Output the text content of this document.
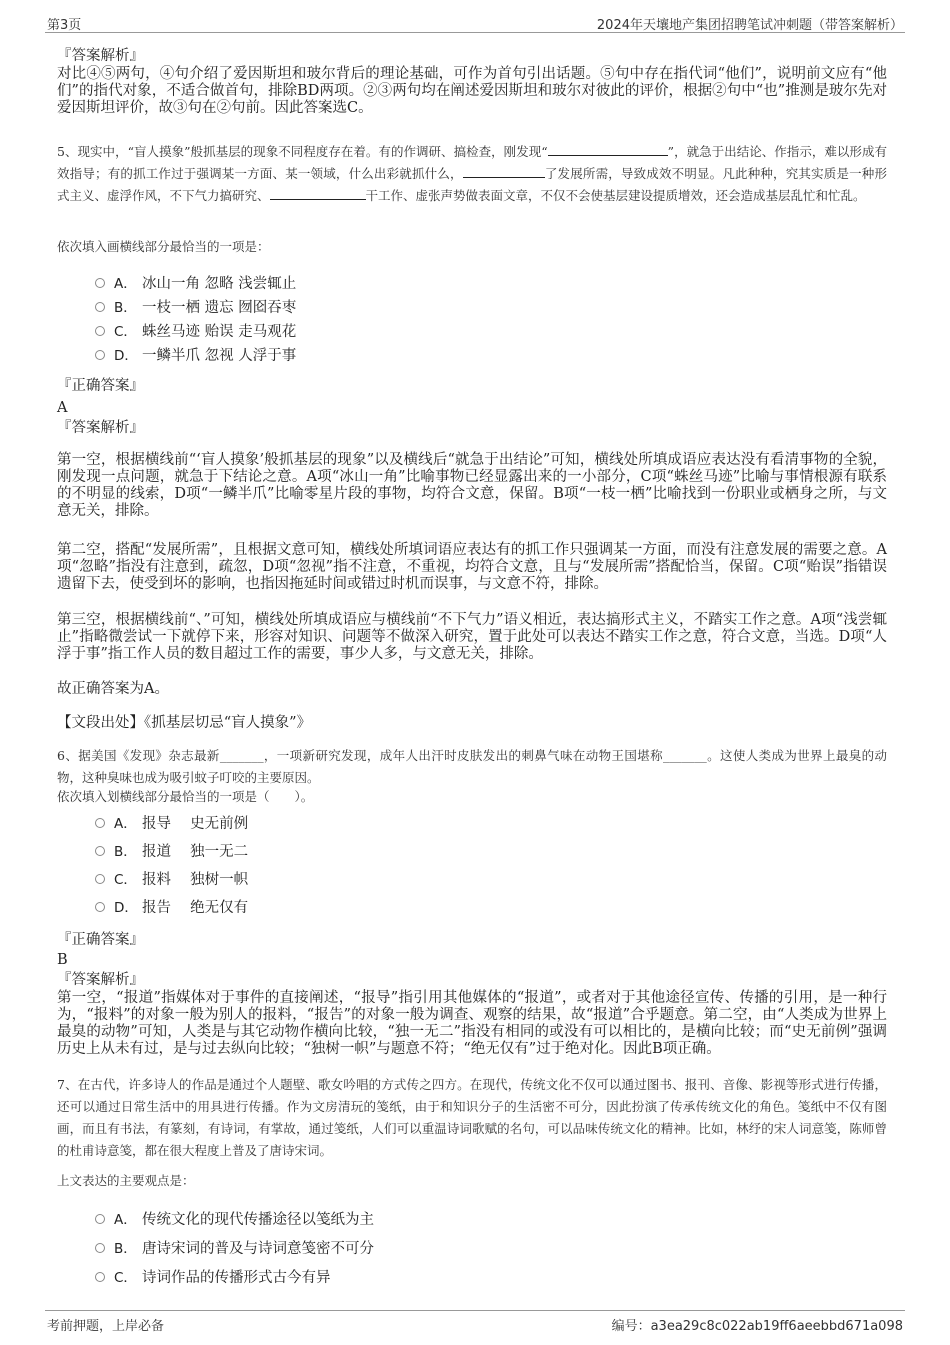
第3页	2024年天壤地产集团招聘笔试冲刺题（带答案解析）
『答案解析』
对比④⑤两句，④句介绍了爱因斯坦和玻尔背后的理论基础，可作为首句引出话题。⑤句中存在指代词“他们”，说明前文应有“他们”的指代对象，不适合做首句，排除BD两项。②③两句均在阐述爱因斯坦和玻尔对彼此的评价，根据②句中“也”推测是玻尔先对爱因斯坦评价，故③句在②句前。因此答案选C。
5、现实中，“盲人摸象”般抓基层的现象不同程度存在着。有的作调研、搞检查，刚发现“	”，就急于出结论、作指示，难以形成有效指导；有的抓工作过于强调某一方面、某一领域，什么出彩就抓什么，	了发展所需，导致成效不明显。凡此种种，究其实质是一种形式主义、虚浮作风，不下气力搞研究、	干工作、虚张声势做表面文章，不仅不会使基层建设提质增效，还会造成基层乱忙和忙乱。
依次填入画横线部分最恰当的一项是：
A． 冰山一角 忽略 浅尝辄止
B． 一枝一栖 遗忘 囫囵吞枣
C． 蛛丝马迹 贻误 走马观花
D． 一鳞半爪 忽视 人浮于事
『正确答案』
A
『答案解析』
第一空，根据横线前“‘盲人摸象’般抓基层的现象”以及横线后“就急于出结论”可知，横线处所填成语应表达没有看清事物的全貌，刚发现一点问题，就急于下结论之意。A项“冰山一角”比喻事物已经显露出来的一小部分，C项“蛛丝马迹”比喻与事情根源有联系的不明显的线索，D项“一鳞半爪”比喻零星片段的事物，均符合文意，保留。B项“一枝一栖”比喻找到一份职业或栖身之所，与文意无关，排除。
第二空，搭配“发展所需”，且根据文意可知，横线处所填词语应表达有的抓工作只强调某一方面，而没有注意发展的需要之意。A项“忽略”指没有注意到，疏忽，D项“忽视”指不注意，不重视，均符合文意，且与“发展所需”搭配恰当，保留。C项“贻误”指错误遗留下去，使受到坏的影响，也指因拖延时间或错过时机而误事，与文意不符，排除。
第三空，根据横线前“、”可知，横线处所填成语应与横线前“不下气力”语义相近，表达搞形式主义，不踏实工作之意。A项“浅尝辄止”指略微尝试一下就停下来，形容对知识、问题等不做深入研究，置于此处可以表达不踏实工作之意，符合文意，当选。D项“人浮于事”指工作人员的数目超过工作的需要，事少人多，与文意无关，排除。
故正确答案为A。
【文段出处】《抓基层切忌“盲人摸象”》
6、据美国《发现》杂志最新_______，一项新研究发现，成年人出汗时皮肤发出的刺鼻气味在动物王国堪称_______。这使人类成为世界上最臭的动物，这种臭味也成为吸引蚊子叮咬的主要原因。
依次填入划横线部分最恰当的一项是（　　）。
A． 报导　 史无前例
B． 报道　 独一无二
C． 报料　 独树一帜
D． 报告　 绝无仅有
『正确答案』
B
『答案解析』
第一空，“报道”指媒体对于事件的直接阐述，“报导”指引用其他媒体的“报道”，或者对于其他途径宣传、传播的引用，是一种行为，“报料”的对象一般为别人的报料，“报告”的对象一般为调查、观察的结果，故“报道”合乎题意。第二空，由“人类成为世界上最臭的动物”可知，人类是与其它动物作横向比较，“独一无二”指没有相同的或没有可以相比的，是横向比较；而“史无前例”强调历史上从未有过，是与过去纵向比较；“独树一帜”与题意不符；“绝无仅有”过于绝对化。因此B项正确。
7、在古代，许多诗人的作品是通过个人题壁、歌女吟唱的方式传之四方。在现代，传统文化不仅可以通过图书、报刊、音像、影视等形式进行传播，还可以通过日常生活中的用具进行传播。作为文房清玩的笺纸，由于和知识分子的生活密不可分，因此扮演了传承传统文化的角色。笺纸中不仅有图画，而且有书法，有篆刻，有诗词，有掌故，通过笺纸，人们可以重温诗词歌赋的名句，可以品味传统文化的精神。比如，林纾的宋人词意笺，陈师曾的杜甫诗意笺，都在很大程度上普及了唐诗宋词。
上文表达的主要观点是：
A． 传统文化的现代传播途径以笺纸为主
B． 唐诗宋词的普及与诗词意笺密不可分
C． 诗词作品的传播形式古今有异
考前押题，上岸必备	编号：a3ea29c8c022ab19ff6aeebbd671a098
